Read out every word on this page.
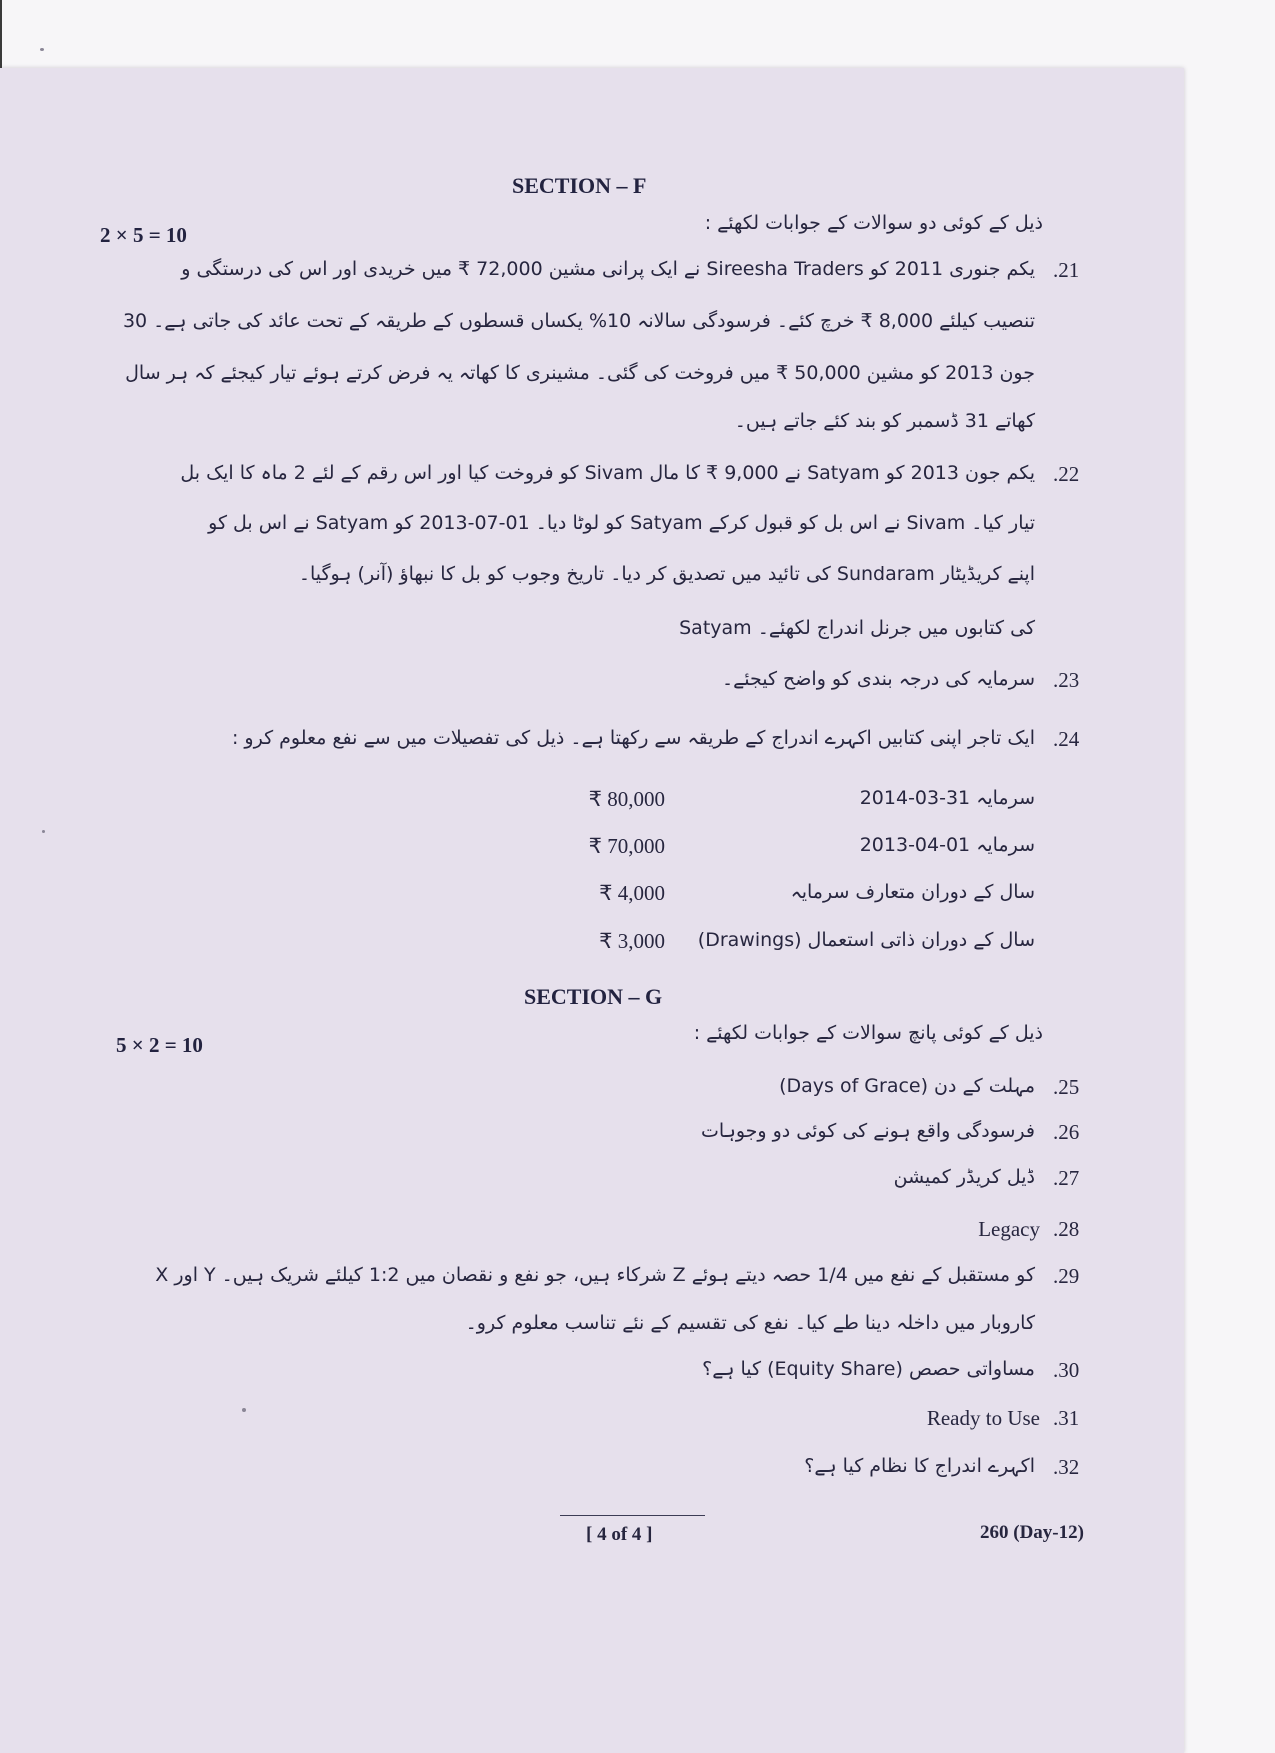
SECTION – F
2 × 5 = 10	ذیل کے کوئی دو سوالات کے جوابات لکھئے :
.21
یکم جنوری 2011 کو Sireesha Traders نے ایک پرانی مشین 72,000 ₹ میں خریدی اور اس کی درستگی و
تنصیب کیلئے 8,000 ₹ خرچ کئے۔ فرسودگی سالانہ 10% یکساں قسطوں کے طریقہ کے تحت عائد کی جاتی ہے۔ 30
جون 2013 کو مشین 50,000 ₹ میں فروخت کی گئی۔ مشینری کا کھاتہ یہ فرض کرتے ہوئے تیار کیجئے کہ ہر سال
کھاتے 31 ڈسمبر کو بند کئے جاتے ہیں۔
.22
یکم جون 2013 کو Satyam نے 9,000 ₹ کا مال Sivam کو فروخت کیا اور اس رقم کے لئے 2 ماہ کا ایک بل
تیار کیا۔ Sivam نے اس بل کو قبول کرکے Satyam کو لوٹا دیا۔ 01-07-2013 کو Satyam نے اس بل کو
اپنے کریڈیٹار Sundaram کی تائید میں تصدیق کر دیا۔ تاریخ وجوب کو بل کا نبھاؤ (آنر) ہوگیا۔
Satyam کی کتابوں میں جرنل اندراج لکھئے۔
.23
سرمایہ کی درجہ بندی کو واضح کیجئے۔
.24
ایک تاجر اپنی کتابیں اکہرے اندراج کے طریقہ سے رکھتا ہے۔ ذیل کی تفصیلات میں سے نفع معلوم کرو :
سرمایہ 31-03-2014
₹ 80,000
سرمایہ 01-04-2013
₹ 70,000
سال کے دوران متعارف سرمایہ
₹ 4,000
سال کے دوران ذاتی استعمال (Drawings)
₹ 3,000
SECTION – G
5 × 2 = 10	ذیل کے کوئی پانچ سوالات کے جوابات لکھئے :
.25
مہلت کے دن (Days of Grace)
.26
فرسودگی واقع ہونے کی کوئی دو وجوہات
.27
ڈیل کریڈر کمیشن
.28
Legacy
.29
X اور Y شرکاء ہیں، جو نفع و نقصان میں 1:2 کیلئے شریک ہیں۔ Z کو مستقبل کے نفع میں 1/4 حصہ دیتے ہوئے
کاروبار میں داخلہ دینا طے کیا۔ نفع کی تقسیم کے نئے تناسب معلوم کرو۔
.30
مساواتی حصص (Equity Share) کیا ہے؟
.31
Ready to Use
.32
اکہرے اندراج کا نظام کیا ہے؟
[ 4 of 4 ]	260 (Day-12)
